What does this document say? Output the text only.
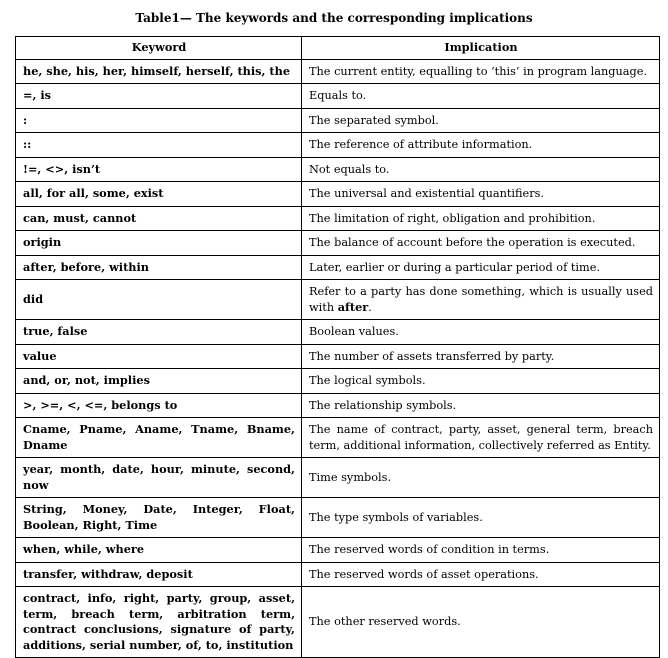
Table1— The keywords and the corresponding implications
Keyword	Implication
he, she, his, her, himself, herself, this, the	The current entity, equalling to ‘this’ in program language.
=, is	Equals to.
:	The separated symbol.
::	The reference of attribute information.
!=, <>, isn’t	Not equals to.
all, for all, some, exist	The universal and existential quantifiers.
can, must, cannot	The limitation of right, obligation and prohibition.
origin	The balance of account before the operation is executed.
after, before, within	Later, earlier or during a particular period of time.
did	Refer to a party has done something, which is usually used with after.
true, false	Boolean values.
value	The number of assets transferred by party.
and, or, not, implies	The logical symbols.
>, >=, <, <=, belongs to	The relationship symbols.
Cname, Pname, Aname, Tname, Bname, Dname	The name of contract, party, asset, general term, breach term, additional information, collectively referred as Entity.
year, month, date, hour, minute, second, now	Time symbols.
String, Money, Date, Integer, Float, Boolean, Right, Time	The type symbols of variables.
when, while, where	The reserved words of condition in terms.
transfer, withdraw, deposit	The reserved words of asset operations.
contract, info, right, party, group, asset, term, breach term, arbitration term, contract conclusions, signature of party, additions, serial number, of, to, institution	The other reserved words.
